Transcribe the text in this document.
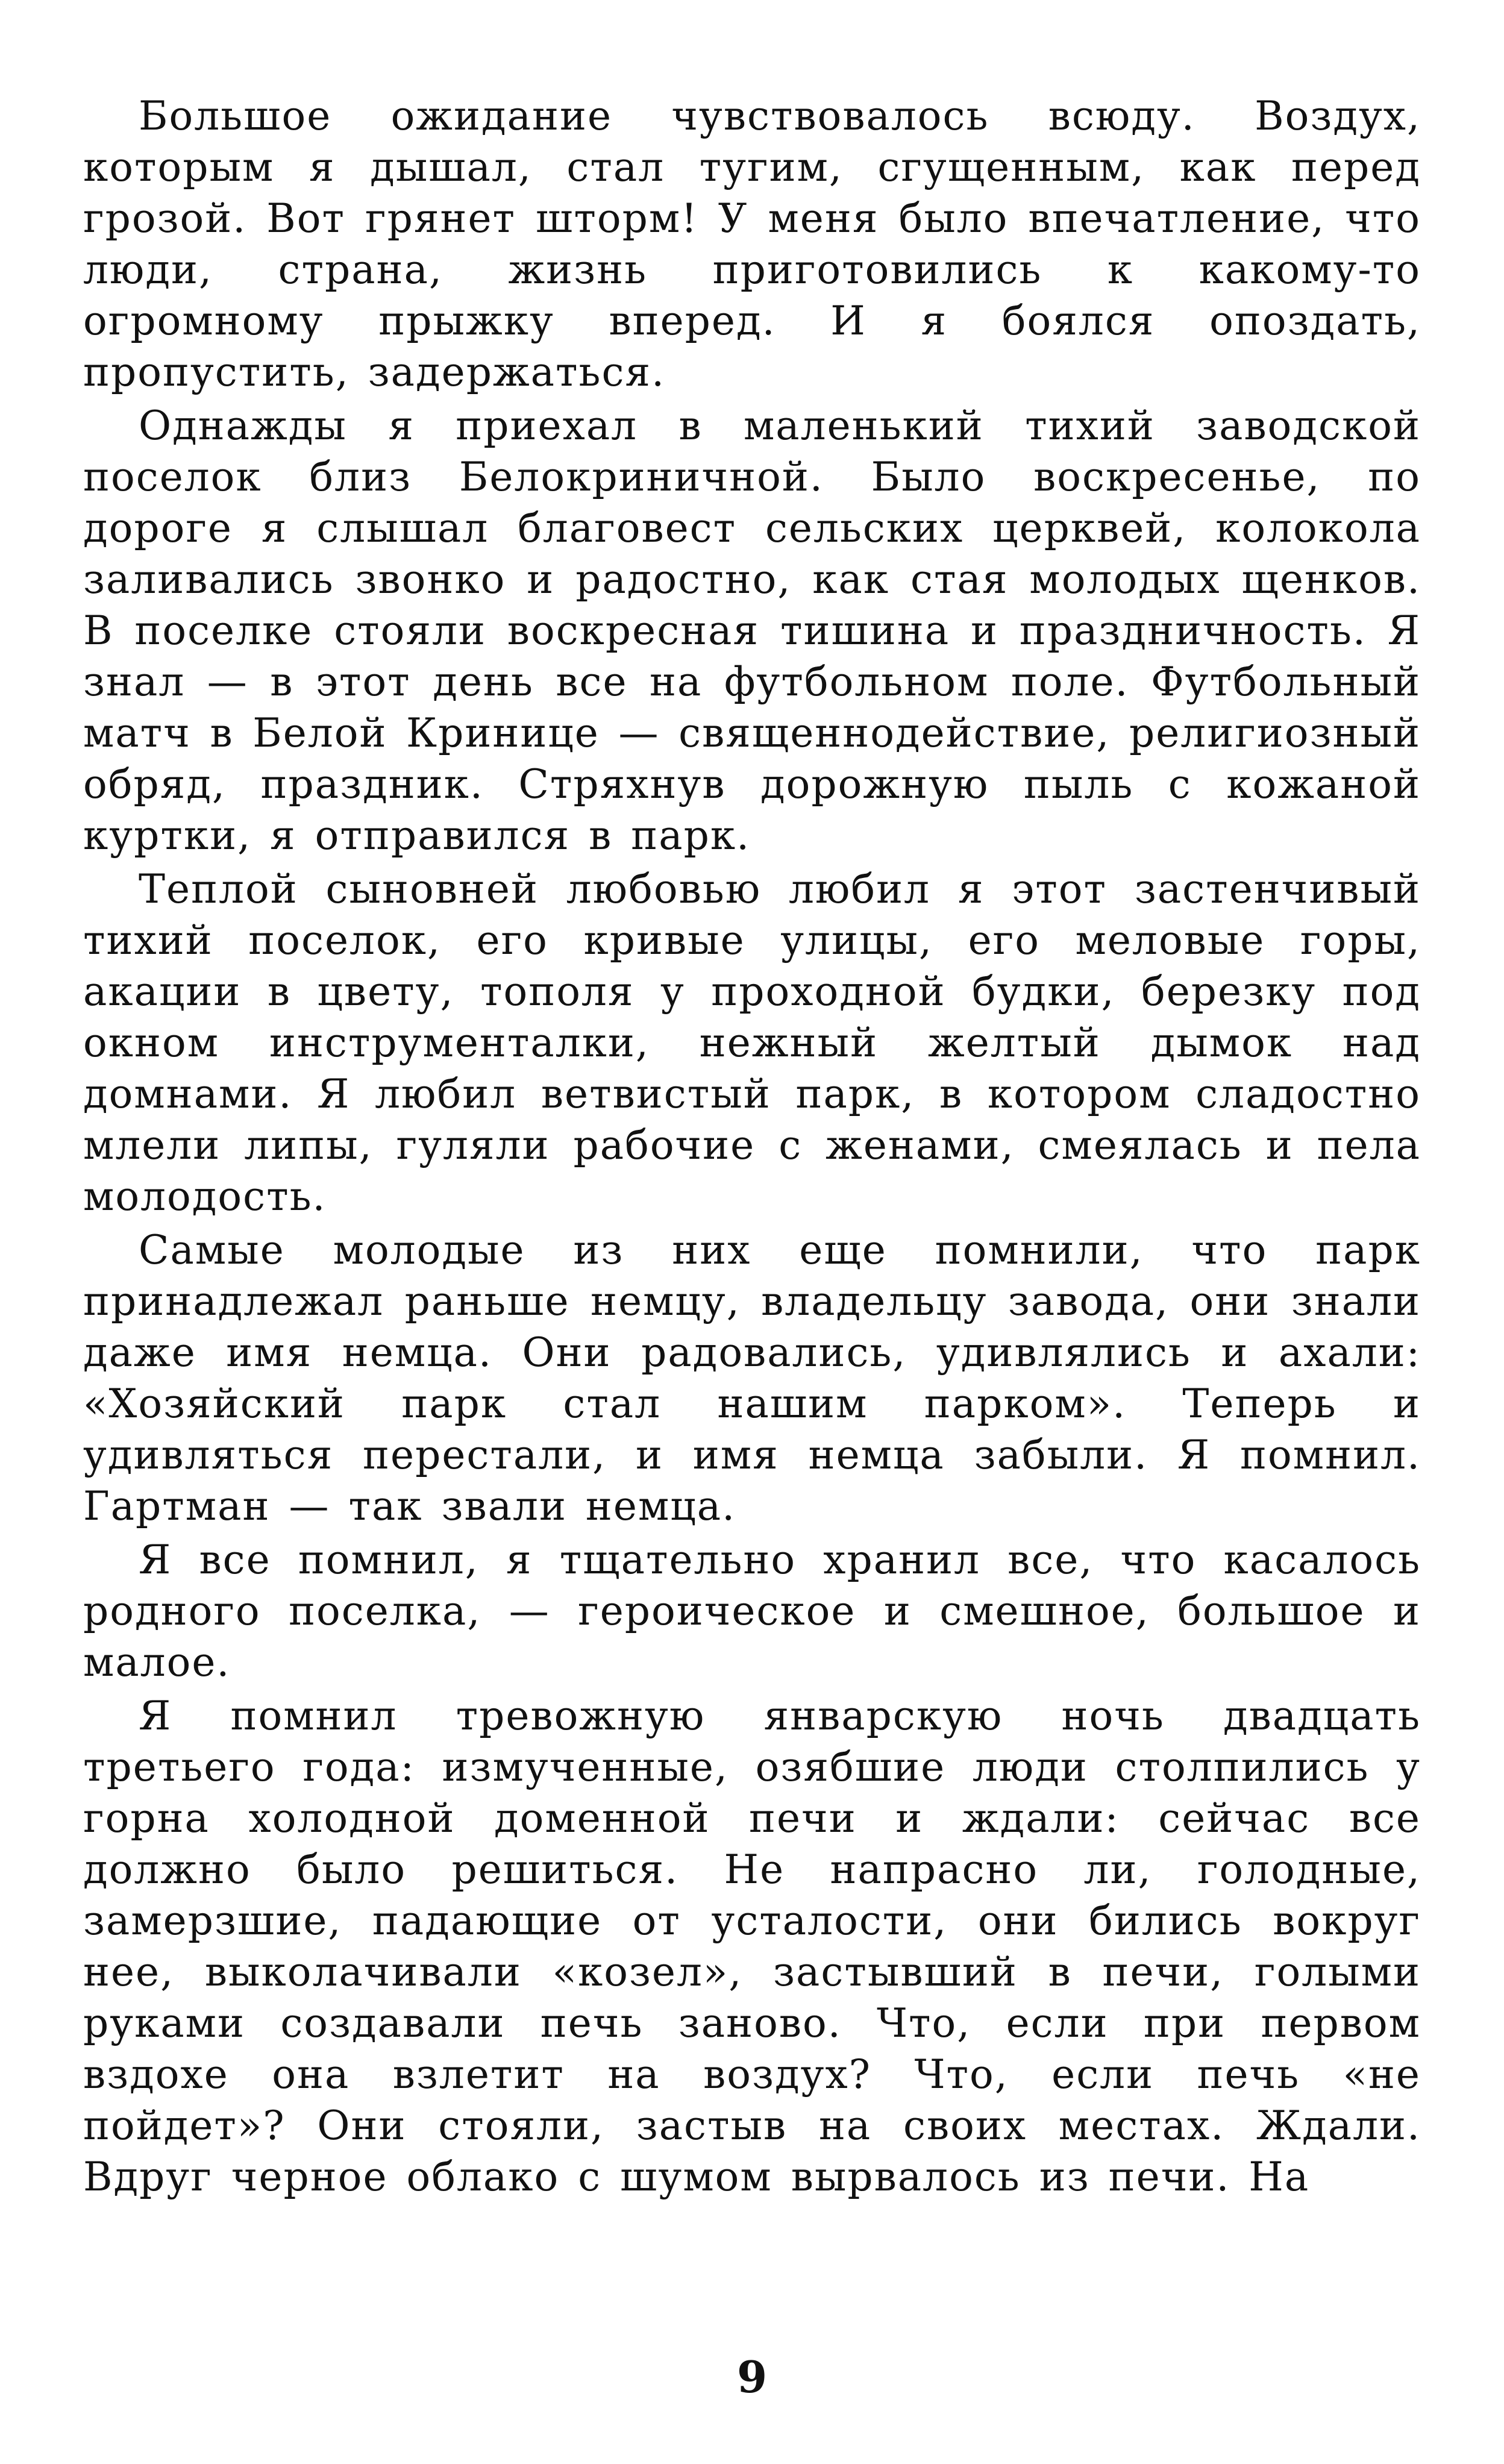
Большое ожидание чувствовалось всюду. Воздух, которым я дышал, стал тугим, сгущенным, как перед грозой. Вот грянет шторм! У меня было впечатление, что люди, страна, жизнь приготовились к какому-то огромному прыжку вперед. И я боялся опоздать, пропустить, задержаться.

Однажды я приехал в маленький тихий заводской поселок близ Белокриничной. Было воскресенье, по дороге я слышал благовест сельских церквей, колокола заливались звонко и радостно, как стая молодых щенков. В поселке стояли воскресная тишина и праздничность. Я знал — в этот день все на футбольном поле. Футбольный матч в Белой Кринице — священнодействие, религиозный обряд, праздник. Стряхнув дорожную пыль с кожаной куртки, я отправился в парк.

Теплой сыновней любовью любил я этот застенчивый тихий поселок, его кривые улицы, его меловые горы, акации в цвету, тополя у проходной будки, березку под окном инструменталки, нежный желтый дымок над домнами. Я любил ветвистый парк, в котором сладостно млели липы, гуляли рабочие с женами, смеялась и пела молодость.

Самые молодые из них еще помнили, что парк принадлежал раньше немцу, владельцу завода, они знали даже имя немца. Они радовались, удивлялись и ахали: «Хозяйский парк стал нашим парком». Теперь и удивляться перестали, и имя немца забыли. Я помнил. Гартман — так звали немца.

Я все помнил, я тщательно хранил все, что касалось родного поселка, — героическое и смешное, большое и малое.

Я помнил тревожную январскую ночь двадцать третьего года: измученные, озябшие люди столпились у горна холодной доменной печи и ждали: сейчас все должно было решиться. Не напрасно ли, голодные, замерзшие, падающие от усталости, они бились вокруг нее, выколачивали «козел», застывший в печи, голыми руками создавали печь заново. Что, если при первом вздохе она взлетит на воздух? Что, если печь «не пойдет»? Они стояли, застыв на своих местах. Ждали. Вдруг черное облако с шумом вырвалось из печи. На

9
